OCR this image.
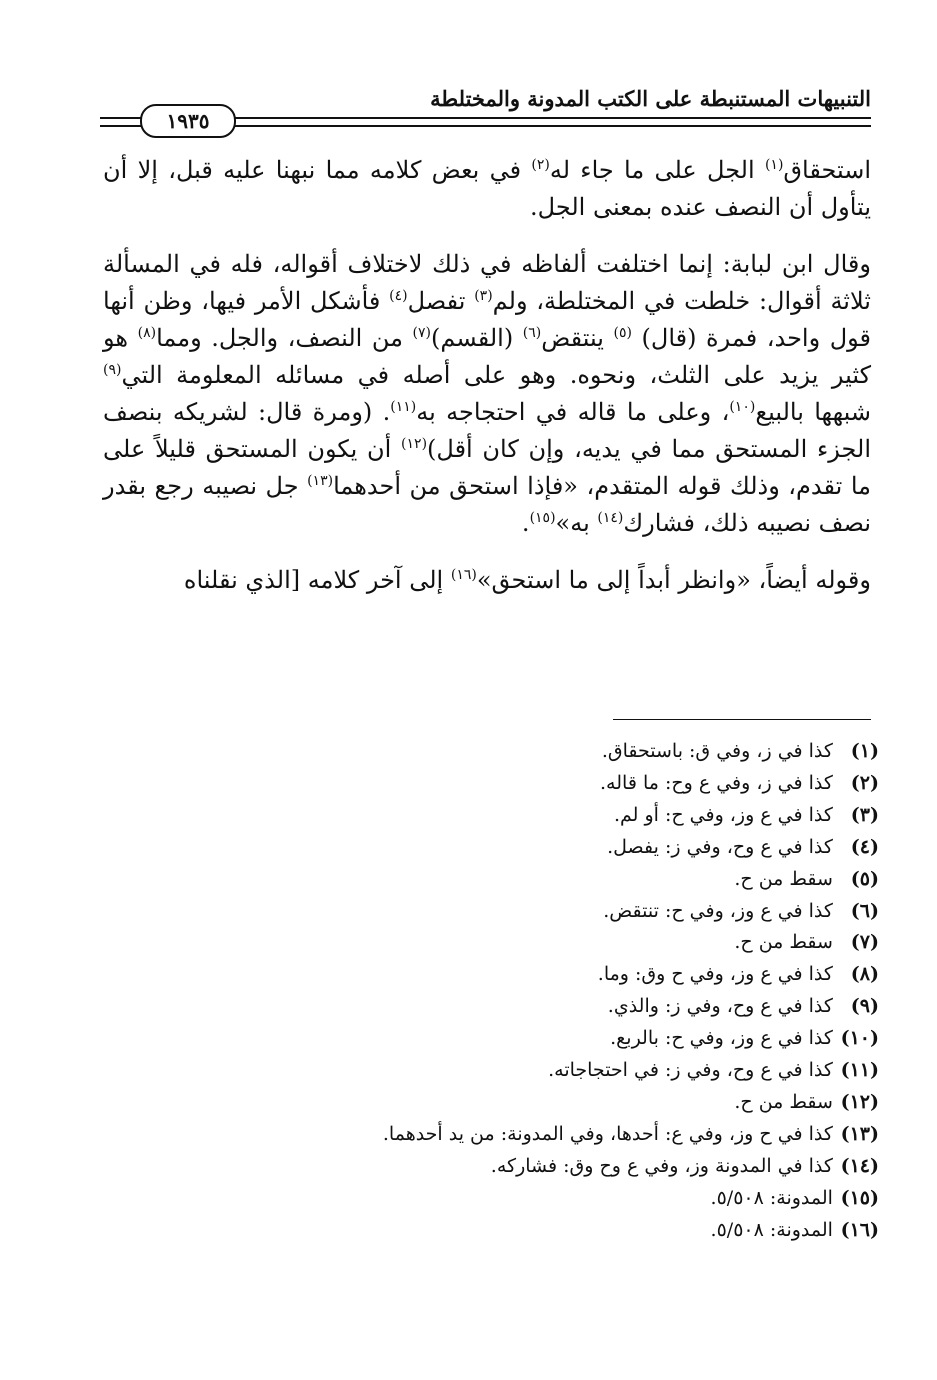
التنبيهات المستنبطة على الكتب المدونة والمختلطة
١٩٣٥

استحقاق$^{(١)}$ الجل على ما جاء له$^{(٢)}$ في بعض كلامه مما نبهنا عليه قبل، إلا أن يتأول أن النصف عنده بمعنى الجل.

وقال ابن لبابة: إنما اختلفت ألفاظه في ذلك لاختلاف أقواله، فله في المسألة ثلاثة أقوال: خلطت في المختلطة، ولم$^{(٣)}$ تفصل$^{(٤)}$ فأشكل الأمر فيها، وظن أنها قول واحد، فمرة (قال) $^{(٥)}$ ينتقض$^{(٦)}$ (القسم)$^{(٧)}$ من النصف، والجل. ومما$^{(٨)}$ هو كثير يزيد على الثلث، ونحوه. وهو على أصله في مسائله المعلومة التي$^{(٩)}$ شبهها بالبيع$^{(١٠)}$، وعلى ما قاله في احتجاجه به$^{(١١)}$. (ومرة قال: لشريكه بنصف الجزء المستحق مما في يديه، وإن كان أقل)$^{(١٢)}$ أن يكون المستحق قليلاً على ما تقدم، وذلك قوله المتقدم، «فإذا استحق من أحدهما$^{(١٣)}$ جل نصيبه رجع بقدر نصف نصيبه ذلك، فشارك$^{(١٤)}$ به»$^{(١٥)}$.

وقوله أيضاً، «وانظر أبداً إلى ما استحق»$^{(١٦)}$ إلى آخر كلامه [الذي نقلناه

(١) كذا في ز، وفي ق: باستحقاق.
(٢) كذا في ز، وفي ع وح: ما قاله.
(٣) كذا في ع وز، وفي ح: أو لم.
(٤) كذا في ع وح، وفي ز: يفصل.
(٥) سقط من ح.
(٦) كذا في ع وز، وفي ح: تنتقض.
(٧) سقط من ح.
(٨) كذا في ع وز، وفي ح وق: وما.
(٩) كذا في ع وح، وفي ز: والذي.
(١٠) كذا في ع وز، وفي ح: بالربع.
(١١) كذا في ع وح، وفي ز: في احتجاجاته.
(١٢) سقط من ح.
(١٣) كذا في ح وز، وفي ع: أحدها، وفي المدونة: من يد أحدهما.
(١٤) كذا في المدونة وز، وفي ع وح وق: فشاركه.
(١٥) المدونة: ٥/٥٠٨.
(١٦) المدونة: ٥/٥٠٨.
